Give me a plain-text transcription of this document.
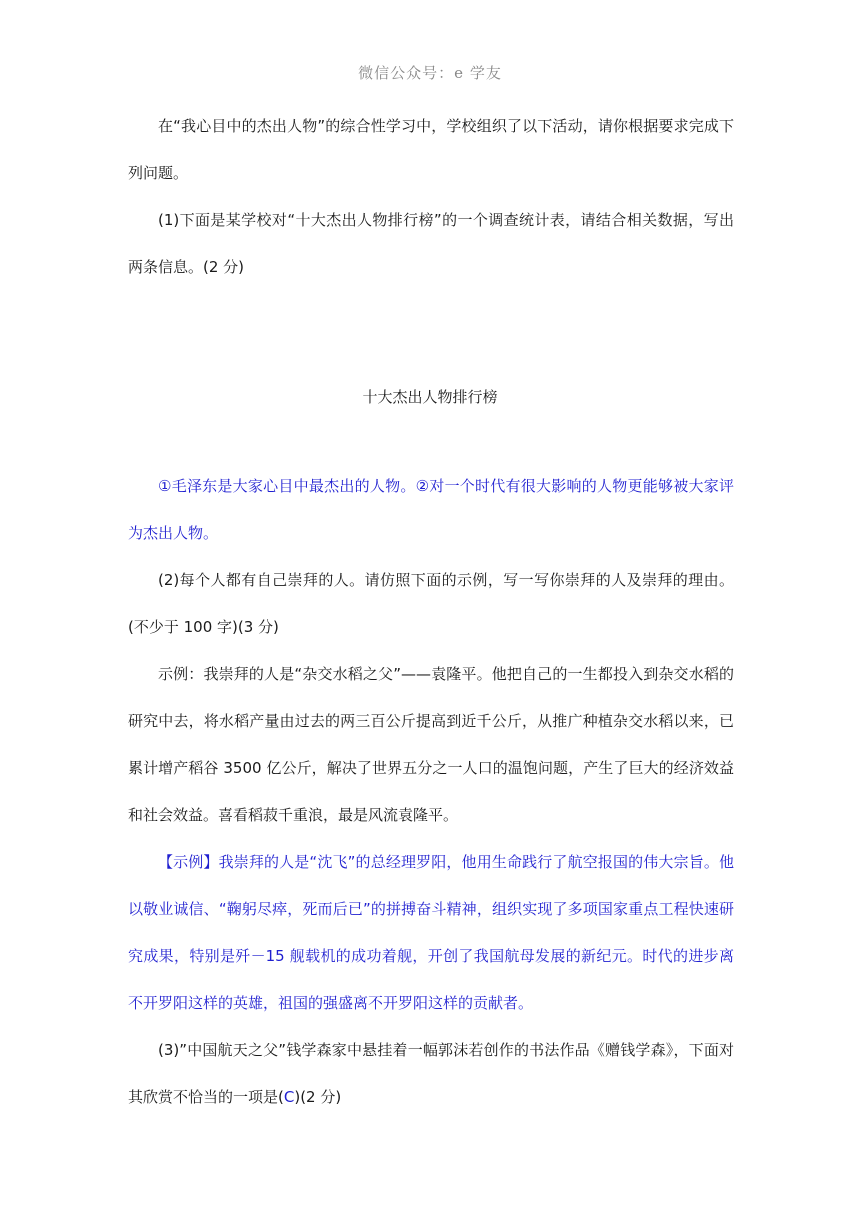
微信公众号：e 学友

在“我心目中的杰出人物”的综合性学习中，学校组织了以下活动，请你根据要求完成下列问题。

(1)下面是某学校对“十大杰出人物排行榜”的一个调查统计表，请结合相关数据，写出两条信息。(2 分)

十大杰出人物排行榜

①毛泽东是大家心目中最杰出的人物。②对一个时代有很大影响的人物更能够被大家评为杰出人物。

(2)每个人都有自己崇拜的人。请仿照下面的示例，写一写你崇拜的人及崇拜的理由。(不少于 100 字)(3 分)

示例：我崇拜的人是“杂交水稻之父”——袁隆平。他把自己的一生都投入到杂交水稻的研究中去，将水稻产量由过去的两三百公斤提高到近千公斤，从推广种植杂交水稻以来，已累计增产稻谷 3500 亿公斤，解决了世界五分之一人口的温饱问题，产生了巨大的经济效益和社会效益。喜看稻菽千重浪，最是风流袁隆平。

【示例】我崇拜的人是“沈飞”的总经理罗阳，他用生命践行了航空报国的伟大宗旨。他以敬业诚信、“鞠躬尽瘁，死而后已”的拼搏奋斗精神，组织实现了多项国家重点工程快速研究成果，特别是歼－15 舰载机的成功着舰，开创了我国航母发展的新纪元。时代的进步离不开罗阳这样的英雄，祖国的强盛离不开罗阳这样的贡献者。

(3)”中国航天之父”钱学森家中悬挂着一幅郭沫若创作的书法作品《赠钱学森》，下面对其欣赏不恰当的一项是(C)(2 分)
